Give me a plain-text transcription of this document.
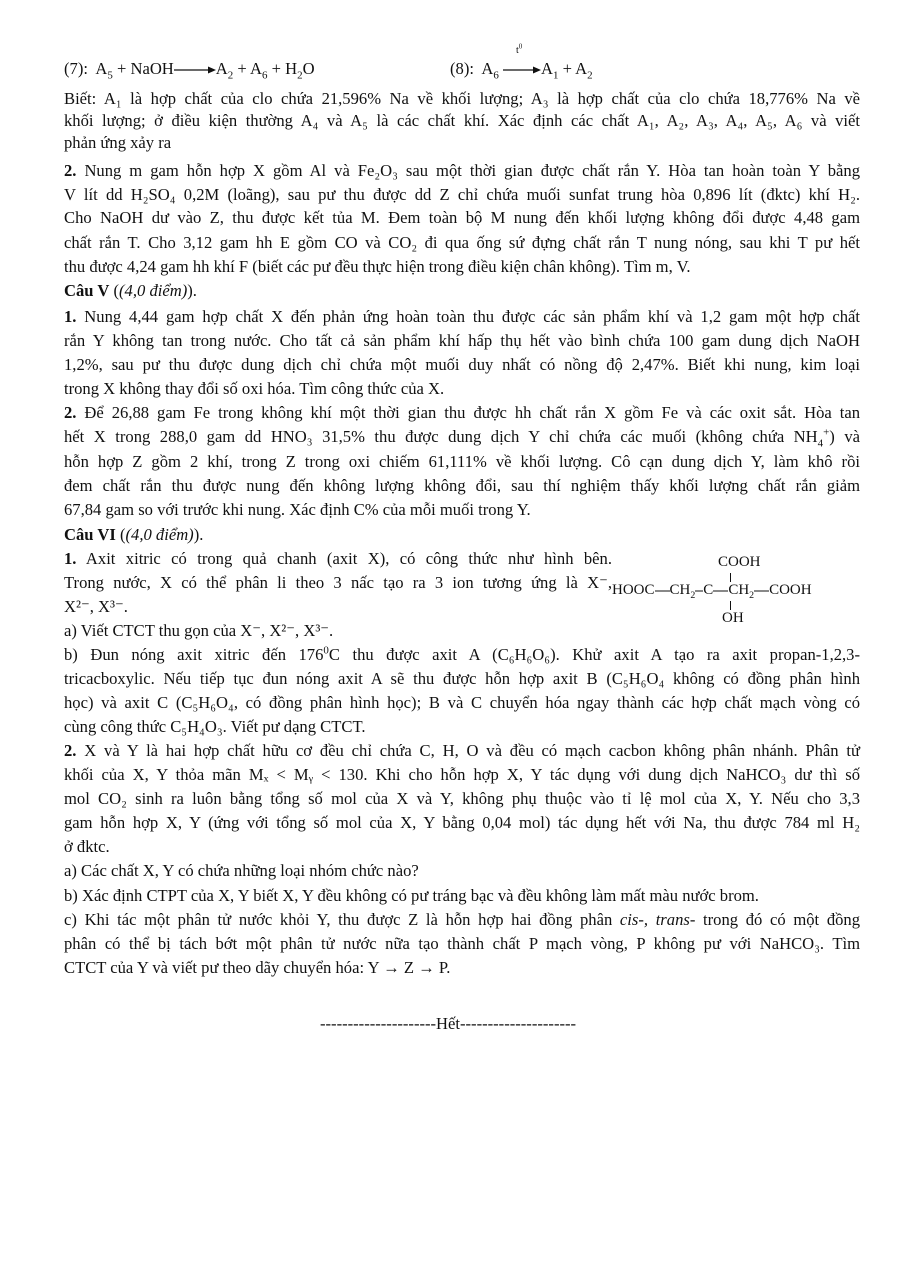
(7): $A_5$ + $NaOH\to A_2 + A_6 + H_2O$	(8): $A_6$
$t^0$
$A_1 + A_2$
Biết: A₁ là hợp chất của clo chứa 21,596% Na về khối lượng; A₃ là hợp chất của clo chứa 18,776% Na về
khối lượng; ở điều kiện thường A₄ và A₅ là các chất khí. Xác định các chất A₁, A₂, A₃, A₄, A₅, A₆ và viết
phản ứng xảy ra
2. Nung m gam hỗn hợp X gồm Al và Fe₂O₃ sau một thời gian được chất rắn Y. Hòa tan hoàn toàn Y bằng
V lít dd H₂SO₄ 0,2M (loãng), sau pư thu được dd Z chỉ chứa muối sunfat trung hòa 0,896 lít (đktc) khí H₂.
Cho NaOH dư vào Z, thu được kết tủa M. Đem toàn bộ M nung đến khối lượng không đổi được 4,48 gam
chất rắn T. Cho 3,12 gam hh E gồm CO và CO₂ đi qua ống sứ đựng chất rắn T nung nóng, sau khi T pư hết
thu được 4,24 gam hh khí F (biết các pư đều thực hiện trong điều kiện chân không). Tìm m, V.
Câu V ((4,0 điểm)).
1. Nung 4,44 gam hợp chất X đến phản ứng hoàn toàn thu được các sản phẩm khí và 1,2 gam một hợp chất
rắn Y không tan trong nước. Cho tất cả sản phẩm khí hấp thụ hết vào bình chứa 100 gam dung dịch NaOH
1,2%, sau pư thu được dung dịch chỉ chứa một muối duy nhất có nồng độ 2,47%. Biết khi nung, kim loại
trong X không thay đổi số oxi hóa. Tìm công thức của X.
2. Để 26,88 gam Fe trong không khí một thời gian thu được hh chất rắn X gồm Fe và các oxit sắt. Hòa tan
hết X trong 288,0 gam dd HNO₃ 31,5% thu được dung dịch Y chỉ chứa các muối (không chứa $NH_4^+$) và
hỗn hợp Z gồm 2 khí, trong Z trong oxi chiếm 61,111% về khối lượng. Cô cạn dung dịch Y, làm khô rồi
đem chất rắn thu được nung đến không lượng không đổi, sau thí nghiệm thấy khối lượng chất rắn giảm
67,84 gam so với trước khi nung. Xác định C% của mỗi muối trong Y.
Câu VI ((4,0 điểm)).
1. Axit xitric có trong quả chanh (axit X), có công thức như hình bên.
Trong nước, X có thể phân li theo 3 nấc tạo ra 3 ion tương ứng là X⁻,
X²⁻, X³⁻.
a) Viết CTCT thu gọn của X⁻, X²⁻, X³⁻.
COOH
HOOC $CH_2$ C $CH_2$ COOH
OH
b) Đun nóng axit xitric đến $176^0C$ thu được axit A (C₆H₆O₆). Khử axit A tạo ra axit propan-1,2,3-
tricacboxylic. Nếu tiếp tục đun nóng axit A sẽ thu được hỗn hợp axit B (C₅H₆O₄ không có đồng phân hình
học) và axit C (C₅H₆O₄, có đồng phân hình học); B và C chuyển hóa ngay thành các hợp chất mạch vòng có
cùng công thức C₅H₄O₃. Viết pư dạng CTCT.
2. X và Y là hai hợp chất hữu cơ đều chỉ chứa C, H, O và đều có mạch cacbon không phân nhánh. Phân tử
khối của X, Y thỏa mãn Mₓ < Mᵧ < 130. Khi cho hỗn hợp X, Y tác dụng với dung dịch NaHCO₃ dư thì số
mol CO₂ sinh ra luôn bằng tổng số mol của X và Y, không phụ thuộc vào tỉ lệ mol của X, Y. Nếu cho 3,3
gam hỗn hợp X, Y (ứng với tổng số mol của X, Y bằng 0,04 mol) tác dụng hết với Na, thu được 784 ml H₂
ở đktc.
a) Các chất X, Y có chứa những loại nhóm chức nào?
b) Xác định CTPT của X, Y biết X, Y đều không có pư tráng bạc và đều không làm mất màu nước brom.
c) Khi tác một phân tử nước khỏi Y, thu được Z là hỗn hợp hai đồng phân cis-, trans- trong đó có một đồng
phân có thể bị tách bớt một phân tử nước nữa tạo thành chất P mạch vòng, P không pư với NaHCO₃. Tìm
CTCT của Y và viết pư theo dãy chuyển hóa: Y → Z → P.
---------------------Hết---------------------
